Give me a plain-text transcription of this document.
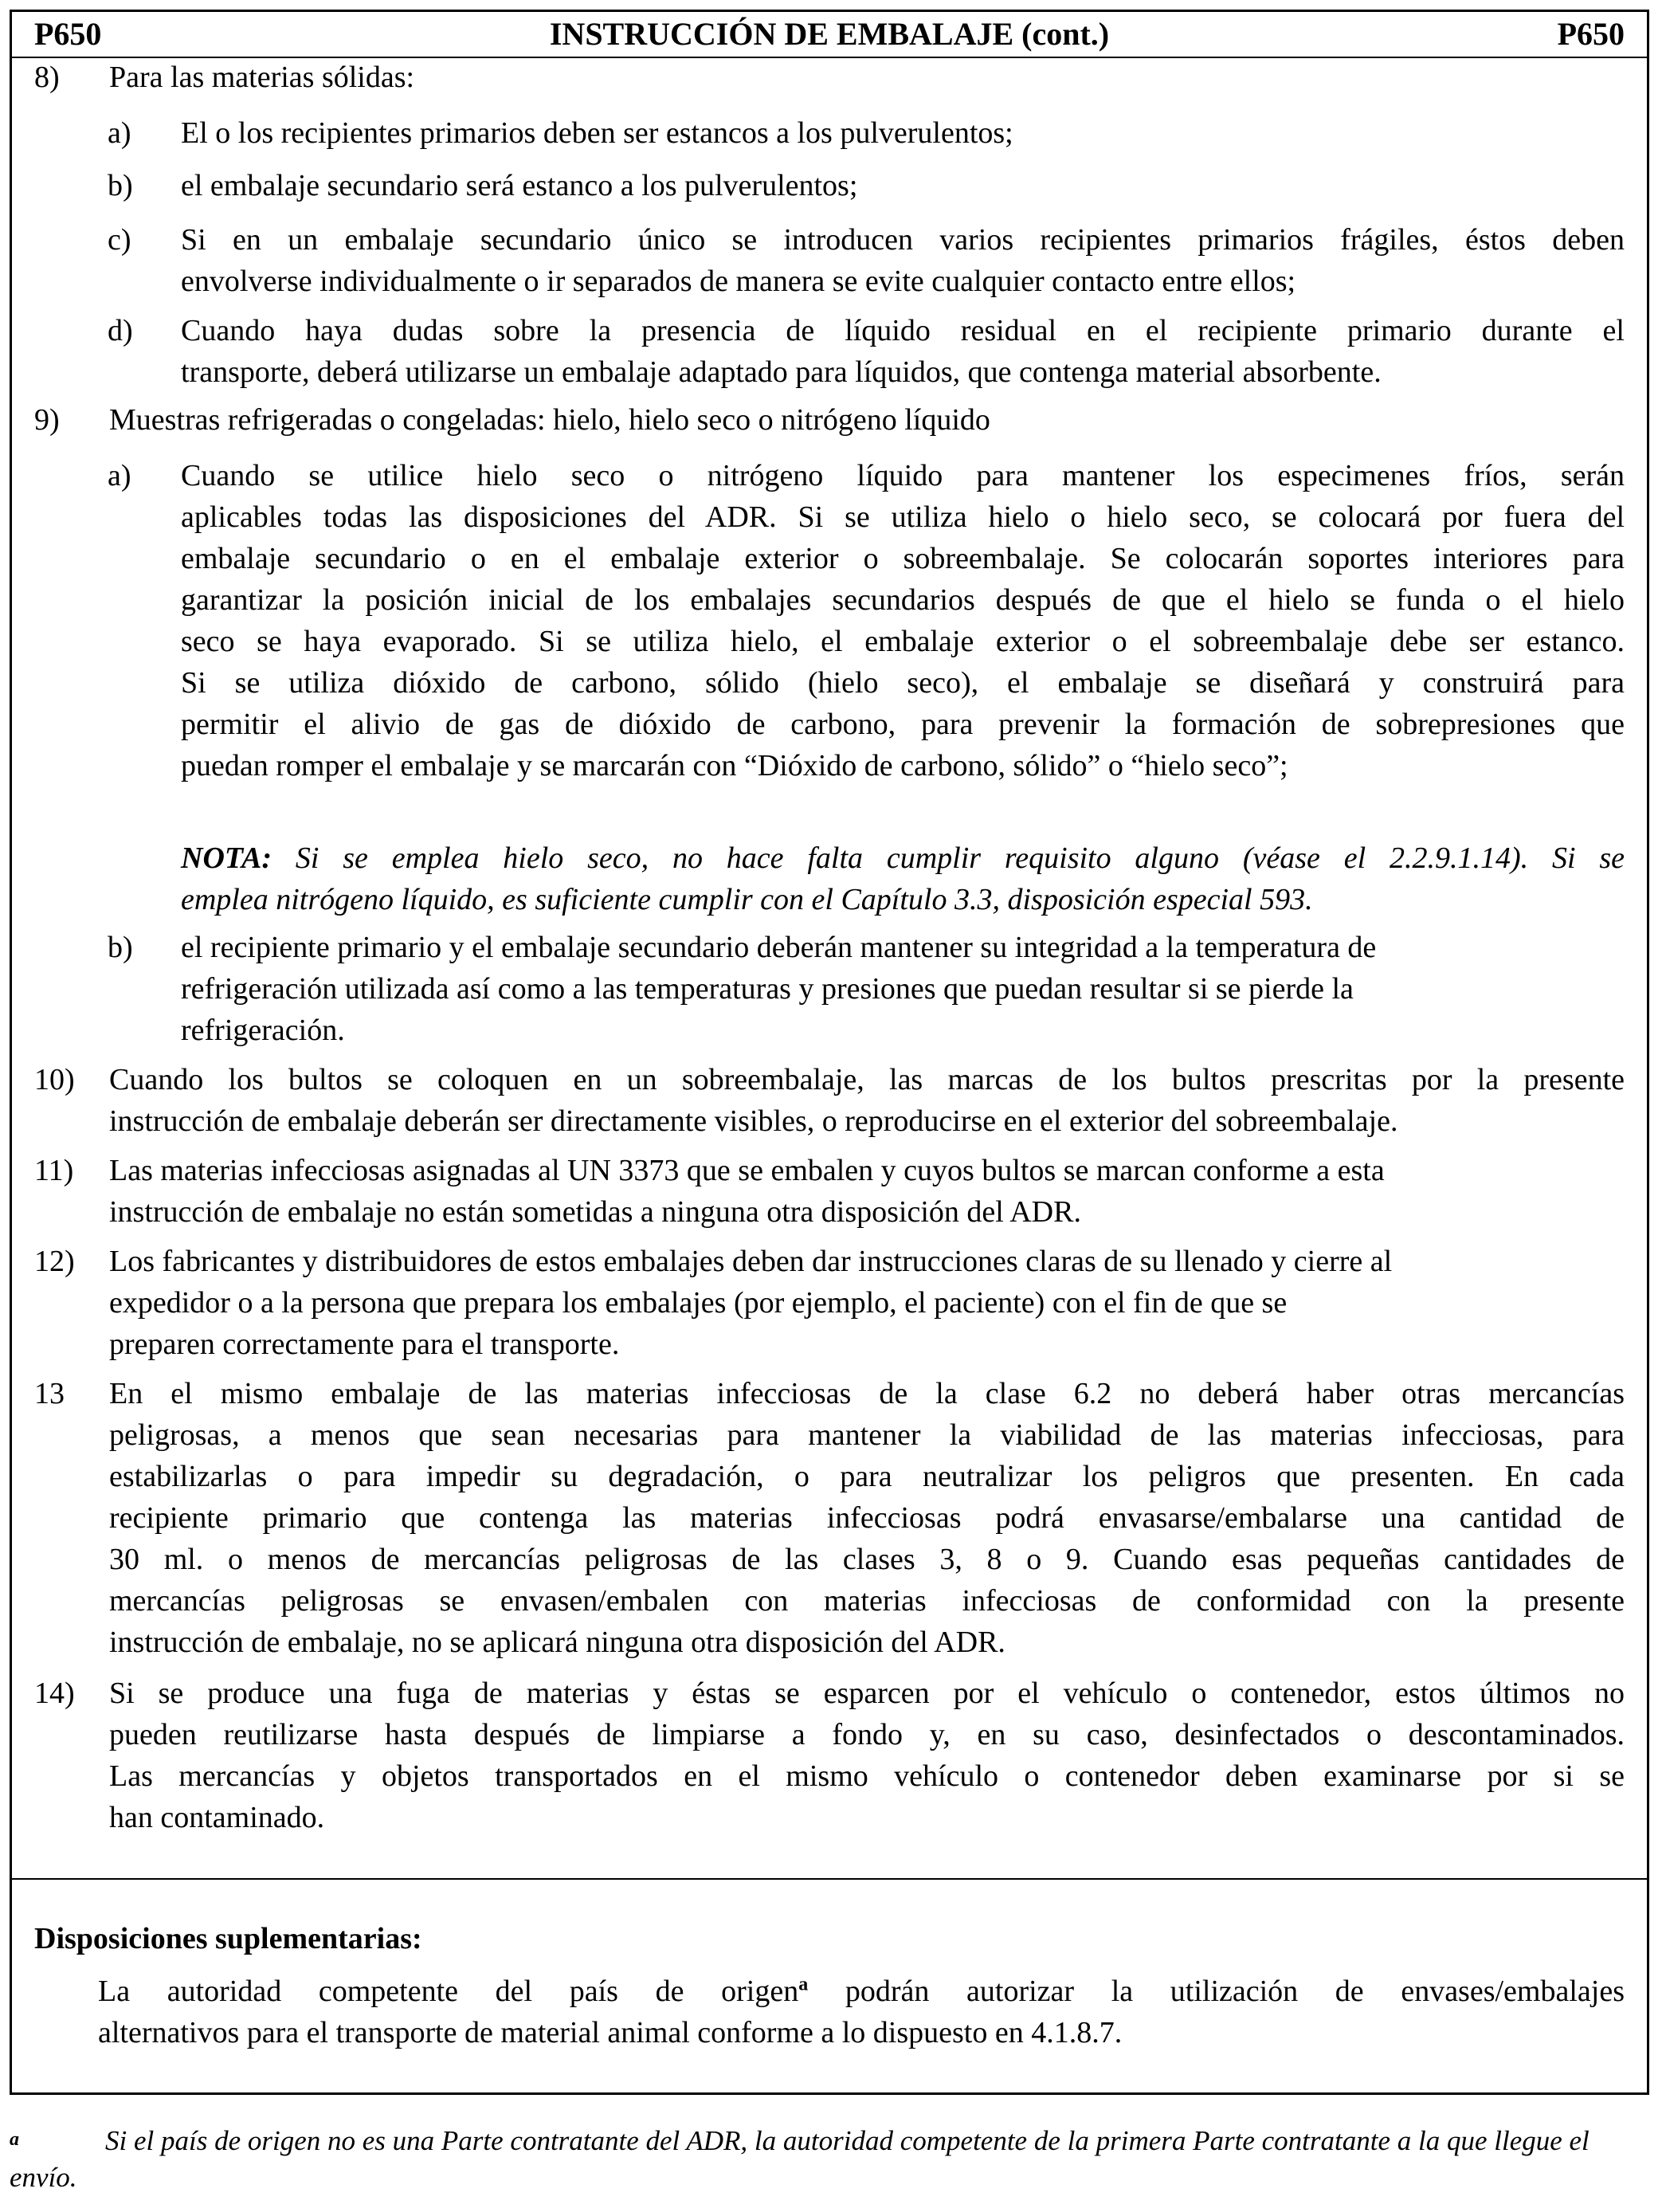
P650	INSTRUCCIÓN DE EMBALAJE (cont.)	P650
8) Para las materias sólidas:
a) El o los recipientes primarios deben ser estancos a los pulverulentos;
b) el embalaje secundario será estanco a los pulverulentos;
c) Si en un embalaje secundario único se introducen varios recipientes primarios frágiles, éstos deben
envolverse individualmente o ir separados de manera se evite cualquier contacto entre ellos;
d) Cuando haya dudas sobre la presencia de líquido residual en el recipiente primario durante el
transporte, deberá utilizarse un embalaje adaptado para líquidos, que contenga material absorbente.
9) Muestras refrigeradas o congeladas: hielo, hielo seco o nitrógeno líquido
a) Cuando se utilice hielo seco o nitrógeno líquido para mantener los especimenes fríos, serán
aplicables todas las disposiciones del ADR. Si se utiliza hielo o hielo seco, se colocará por fuera del
embalaje secundario o en el embalaje exterior o sobreembalaje. Se colocarán soportes interiores para
garantizar la posición inicial de los embalajes secundarios después de que el hielo se funda o el hielo
seco se haya evaporado. Si se utiliza hielo, el embalaje exterior o el sobreembalaje debe ser estanco.
Si se utiliza dióxido de carbono, sólido (hielo seco), el embalaje se diseñará y construirá para
permitir el alivio de gas de dióxido de carbono, para prevenir la formación de sobrepresiones que
puedan romper el embalaje y se marcarán con “Dióxido de carbono, sólido” o “hielo seco”;
NOTA: Si se emplea hielo seco, no hace falta cumplir requisito alguno (véase el 2.2.9.1.14). Si se
emplea nitrógeno líquido, es suficiente cumplir con el Capítulo 3.3, disposición especial 593.
b) el recipiente primario y el embalaje secundario deberán mantener su integridad a la temperatura de
refrigeración utilizada así como a las temperaturas y presiones que puedan resultar si se pierde la
refrigeración.
10) Cuando los bultos se coloquen en un sobreembalaje, las marcas de los bultos prescritas por la presente
instrucción de embalaje deberán ser directamente visibles, o reproducirse en el exterior del sobreembalaje.
11) Las materias infecciosas asignadas al UN 3373 que se embalen y cuyos bultos se marcan conforme a esta
instrucción de embalaje no están sometidas a ninguna otra disposición del ADR.
12) Los fabricantes y distribuidores de estos embalajes deben dar instrucciones claras de su llenado y cierre al
expedidor o a la persona que prepara los embalajes (por ejemplo, el paciente) con el fin de que se
preparen correctamente para el transporte.
13 En el mismo embalaje de las materias infecciosas de la clase 6.2 no deberá haber otras mercancías
peligrosas, a menos que sean necesarias para mantener la viabilidad de las materias infecciosas, para
estabilizarlas o para impedir su degradación, o para neutralizar los peligros que presenten. En cada
recipiente primario que contenga las materias infecciosas podrá envasarse/embalarse una cantidad de
30 ml. o menos de mercancías peligrosas de las clases 3, 8 o 9. Cuando esas pequeñas cantidades de
mercancías peligrosas se envasen/embalen con materias infecciosas de conformidad con la presente
instrucción de embalaje, no se aplicará ninguna otra disposición del ADR.
14) Si se produce una fuga de materias y éstas se esparcen por el vehículo o contenedor, estos últimos no
pueden reutilizarse hasta después de limpiarse a fondo y, en su caso, desinfectados o descontaminados.
Las mercancías y objetos transportados en el mismo vehículo o contenedor deben examinarse por si se
han contaminado.
Disposiciones suplementarias:
La autoridad competente del país de origen$^a$ podrán autorizar la utilización de envases/embalajes
alternativos para el transporte de material animal conforme a lo dispuesto en 4.1.8.7.
a	Si el país de origen no es una Parte contratante del ADR, la autoridad competente de la primera Parte contratante a la que llegue el envío.
